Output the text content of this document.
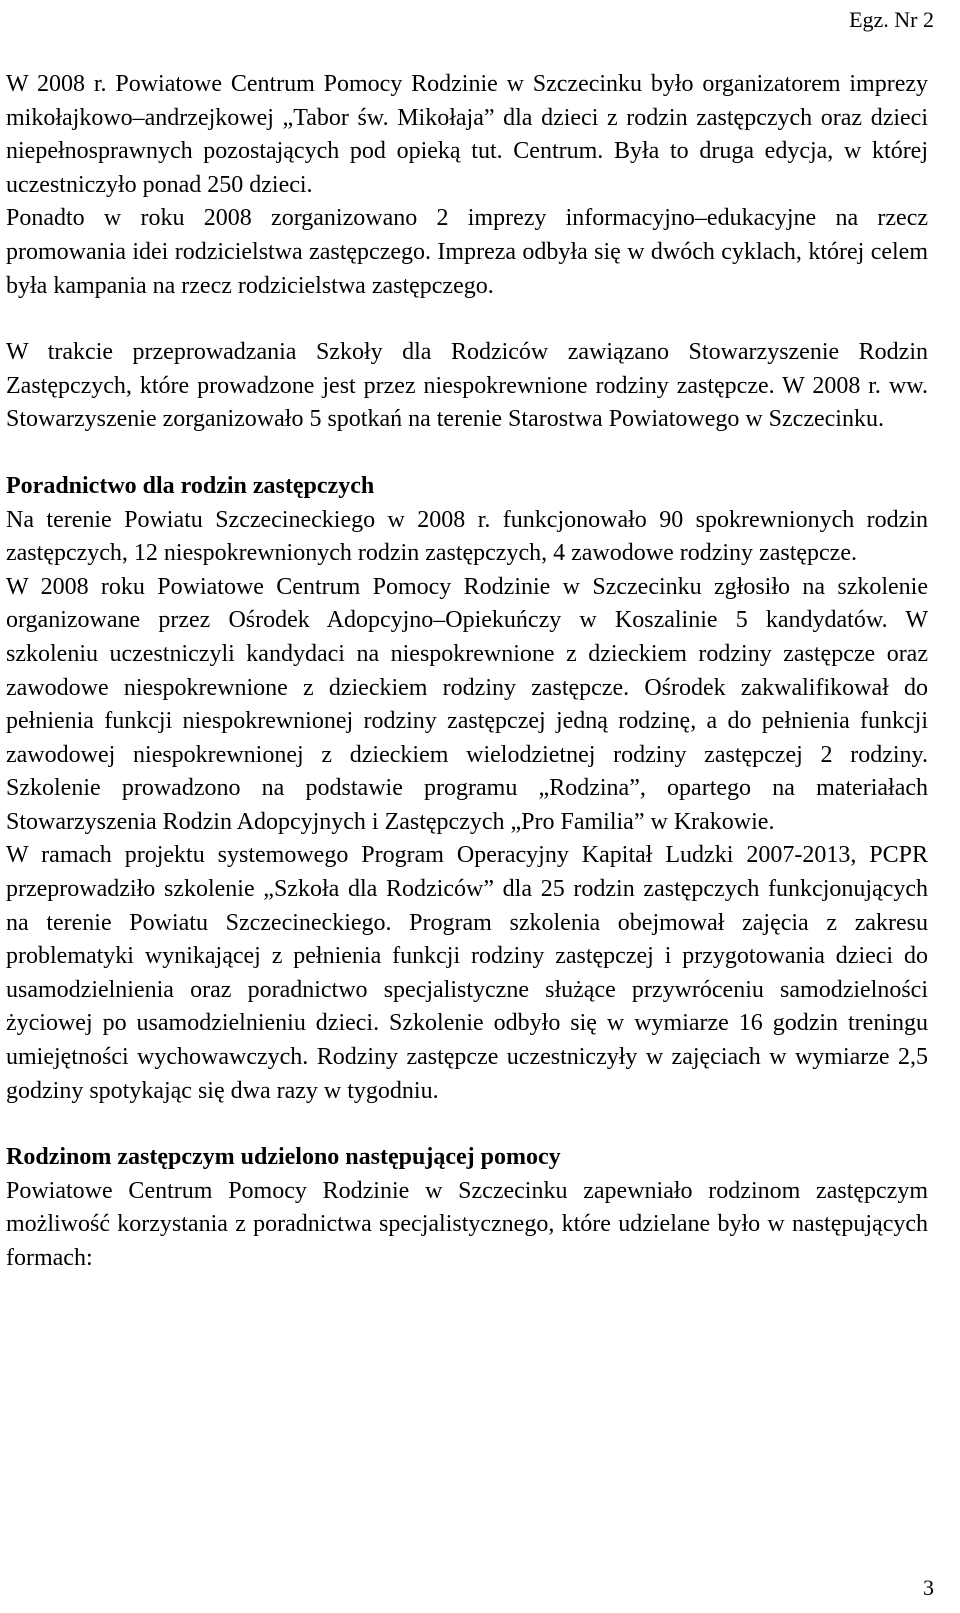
Egz. Nr 2

W 2008 r. Powiatowe Centrum Pomocy Rodzinie w Szczecinku było organizatorem imprezy mikołajkowo–andrzejkowej „Tabor św. Mikołaja” dla dzieci z rodzin zastępczych oraz dzieci niepełnosprawnych pozostających pod opieką tut. Centrum. Była to druga edycja, w której uczestniczyło ponad 250 dzieci.

Ponadto w roku 2008 zorganizowano 2 imprezy informacyjno–edukacyjne na rzecz promowania idei rodzicielstwa zastępczego. Impreza odbyła się w dwóch cyklach, której celem była kampania na rzecz rodzicielstwa zastępczego.

W trakcie przeprowadzania Szkoły dla Rodziców zawiązano Stowarzyszenie Rodzin Zastępczych, które prowadzone jest przez niespokrewnione rodziny zastępcze. W 2008 r. ww. Stowarzyszenie zorganizowało 5 spotkań na terenie Starostwa Powiatowego w Szczecinku.

Poradnictwo dla rodzin zastępczych

Na terenie Powiatu Szczecineckiego w 2008 r. funkcjonowało 90 spokrewnionych rodzin zastępczych, 12 niespokrewnionych rodzin zastępczych, 4 zawodowe rodziny zastępcze.

W 2008 roku Powiatowe Centrum Pomocy Rodzinie w Szczecinku zgłosiło na szkolenie organizowane przez Ośrodek Adopcyjno–Opiekuńczy w Koszalinie 5 kandydatów. W szkoleniu uczestniczyli kandydaci na niespokrewnione z dzieckiem rodziny zastępcze oraz zawodowe niespokrewnione z dzieckiem rodziny zastępcze. Ośrodek zakwalifikował do pełnienia funkcji niespokrewnionej rodziny zastępczej jedną rodzinę, a do pełnienia funkcji zawodowej niespokrewnionej z dzieckiem wielodzietnej rodziny zastępczej 2 rodziny. Szkolenie prowadzono na podstawie programu „Rodzina”, opartego na materiałach Stowarzyszenia Rodzin Adopcyjnych i Zastępczych „Pro Familia” w Krakowie.

W ramach projektu systemowego Program Operacyjny Kapitał Ludzki 2007-2013, PCPR przeprowadziło szkolenie „Szkoła dla Rodziców” dla 25 rodzin zastępczych funkcjonujących na terenie Powiatu Szczecineckiego. Program szkolenia obejmował zajęcia z zakresu problematyki wynikającej z pełnienia funkcji rodziny zastępczej i przygotowania dzieci do usamodzielnienia oraz poradnictwo specjalistyczne służące przywróceniu samodzielności życiowej po usamodzielnieniu dzieci. Szkolenie odbyło się w wymiarze 16 godzin treningu umiejętności wychowawczych. Rodziny zastępcze uczestniczyły w zajęciach w wymiarze 2,5 godziny spotykając się dwa razy w tygodniu.

Rodzinom zastępczym udzielono następującej pomocy

Powiatowe Centrum Pomocy Rodzinie w Szczecinku zapewniało rodzinom zastępczym możliwość korzystania z poradnictwa specjalistycznego, które udzielane było w następujących formach:

3
